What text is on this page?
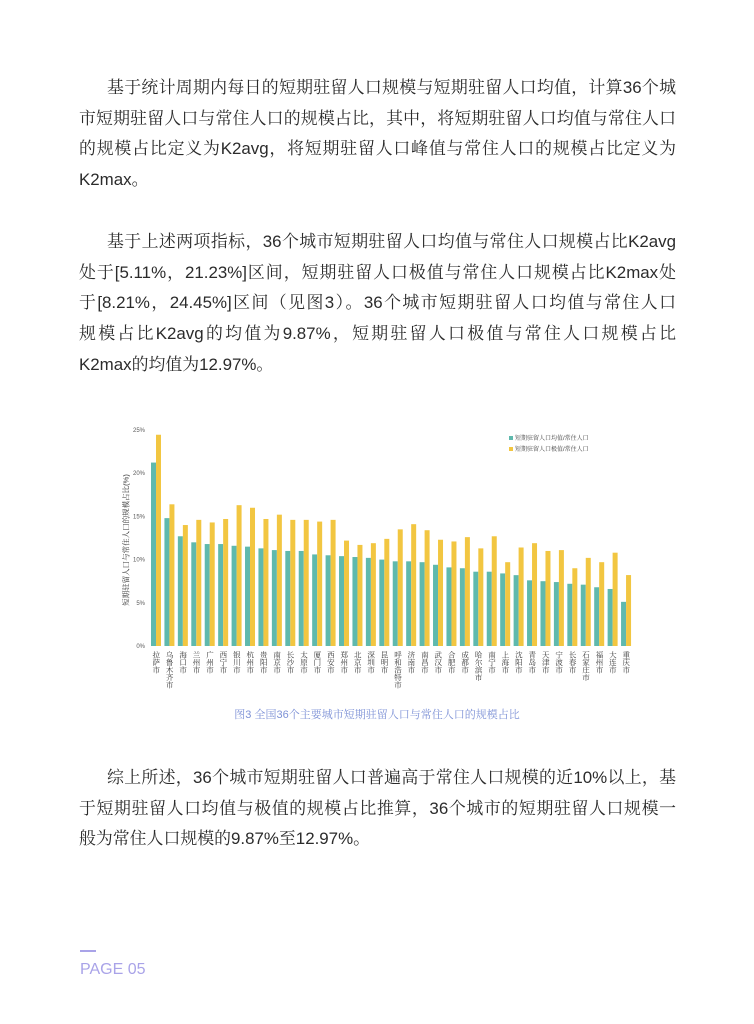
基于统计周期内每日的短期驻留人口规模与短期驻留人口均值，计算36个城
市短期驻留人口与常住人口的规模占比，其中，将短期驻留人口均值与常住人口
的规模占比定义为K2avg，将短期驻留人口峰值与常住人口的规模占比定义为
K2max。
基于上述两项指标，36个城市短期驻留人口均值与常住人口规模占比K2avg
处于[5.11%，21.23%]区间，短期驻留人口极值与常住人口规模占比K2max处
于[8.21%，24.45%]区间（见图3）。36个城市短期驻留人口均值与常住人口
规模占比K2avg的均值为9.87%，短期驻留人口极值与常住人口规模占比
K2max的均值为12.97%。
短期驻留人口与常住人口的规模占比(%)
短期驻留人口均值/常住人口
短期驻留人口极值/常住人口
0%
5%
10%
15%
20%
25%
拉萨市 乌鲁木齐市 海口市 兰州市 广州市 西宁市 银川市 杭州市 贵阳市 南京市 长沙市 太原市 厦门市 西安市 郑州市 北京市 深圳市 昆明市 呼和浩特市 济南市 南昌市 武汉市 合肥市 成都市 哈尔滨市 南宁市 上海市 沈阳市 青岛市 天津市 宁波市 长春市 石家庄市 福州市 大连市 重庆市
图3 全国36个主要城市短期驻留人口与常住人口的规模占比
综上所述，36个城市短期驻留人口普遍高于常住人口规模的近10%以上，基
于短期驻留人口均值与极值的规模占比推算，36个城市的短期驻留人口规模一
般为常住人口规模的9.87%至12.97%。
PAGE 05
